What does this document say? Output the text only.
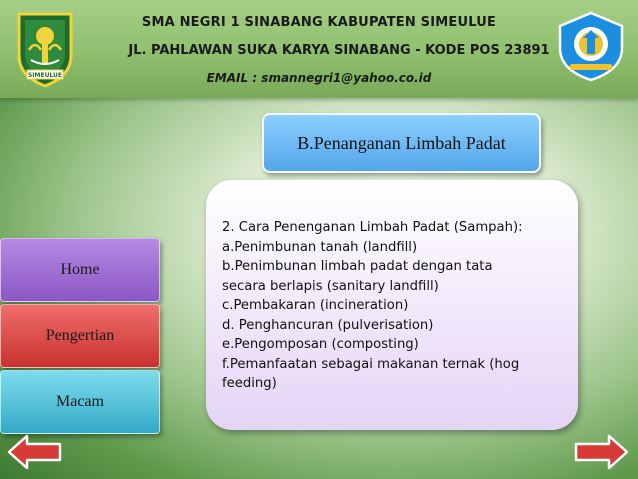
SIMEULUE
SMA NEGRI 1 SINABANG KABUPATEN SIMEULUE
JL. PAHLAWAN SUKA KARYA SINABANG - KODE POS 23891
EMAIL : smannegri1@yahoo.co.id
B.Penanganan Limbah Padat
2. Cara Penenganan Limbah Padat (Sampah):
a.Penimbunan tanah (landfill)
b.Penimbunan limbah padat dengan tata
secara berlapis (sanitary landfill)
c.Pembakaran (incineration)
d. Penghancuran (pulverisation)
e.Pengomposan (composting)
f.Pemanfaatan sebagai makanan ternak (hog
feeding)
Home
Pengertian
Macam
